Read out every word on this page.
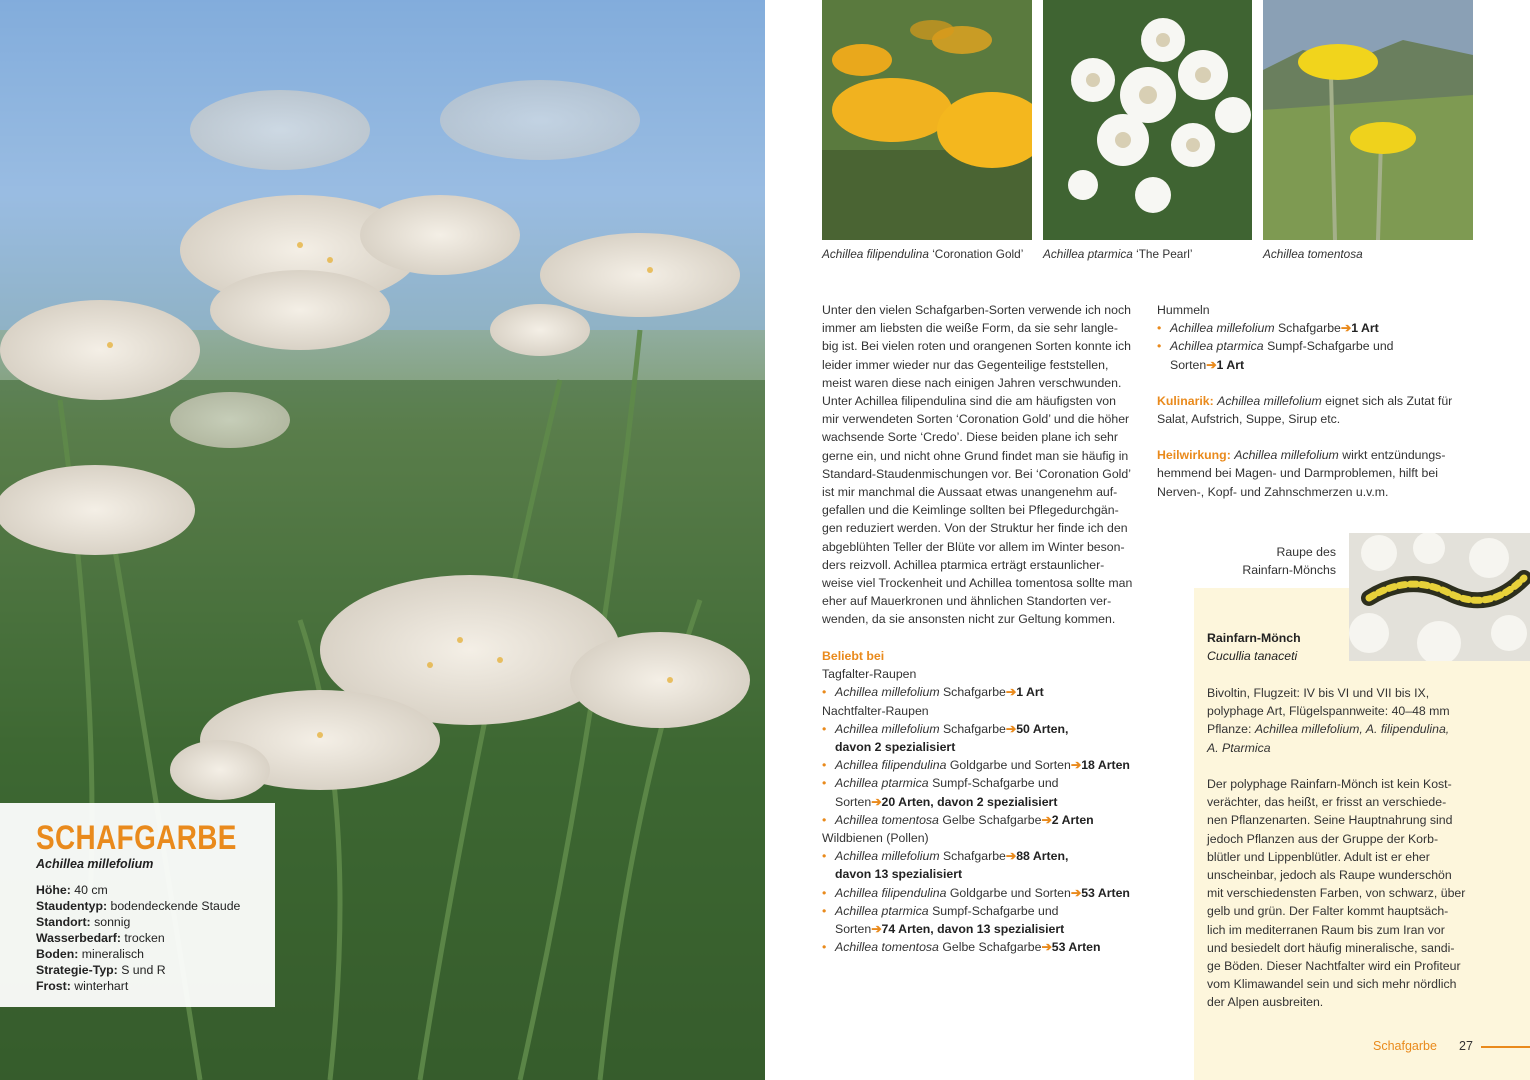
SCHAFGARBE
Achillea millefolium
Höhe: 40 cm
Staudentyp: bodendeckende Staude
Standort: sonnig
Wasserbedarf: trocken
Boden: mineralisch
Strategie-Typ: S und R
Frost: winterhart
Achillea filipendulina ‘Coronation Gold’ Achillea ptarmica ‘The Pearl’	Achillea tomentosa
Unter den vielen Schafgarben-Sorten verwende ich noch
immer am liebsten die weiße Form, da sie sehr langle-
big ist. Bei vielen roten und orangenen Sorten konnte ich
leider immer wieder nur das Gegenteilige feststellen,
meist waren diese nach einigen Jahren verschwunden.
Unter Achillea filipendulina sind die am häufigsten von
mir verwendeten Sorten ‘Coronation Gold’ und die höher
wachsende Sorte ‘Credo’. Diese beiden plane ich sehr
gerne ein, und nicht ohne Grund findet man sie häufig in
Standard-Staudenmischungen vor. Bei ‘Coronation Gold’
ist mir manchmal die Aussaat etwas unangenehm auf-
gefallen und die Keimlinge sollten bei Pflegedurchgän-
gen reduziert werden. Von der Struktur her finde ich den
abgeblühten Teller der Blüte vor allem im Winter beson-
ders reizvoll. Achillea ptarmica erträgt erstaunlicher-
weise viel Trockenheit und Achillea tomentosa sollte man
eher auf Mauerkronen und ähnlichen Standorten ver-
wenden, da sie ansonsten nicht zur Geltung kommen.
Beliebt bei
Tagfalter-Raupen
• Achillea millefolium Schafgarbe➔1 Art
Nachtfalter-Raupen
• Achillea millefolium Schafgarbe➔50 Arten,
davon 2 spezialisiert
• Achillea filipendulina Goldgarbe und Sorten➔18 Arten
• Achillea ptarmica Sumpf-Schafgarbe und
Sorten➔20 Arten, davon 2 spezialisiert
• Achillea tomentosa Gelbe Schafgarbe➔2 Arten
Wildbienen (Pollen)
• Achillea millefolium Schafgarbe➔88 Arten,
davon 13 spezialisiert
• Achillea filipendulina Goldgarbe und Sorten➔53 Arten
• Achillea ptarmica Sumpf-Schafgarbe und
Sorten➔74 Arten, davon 13 spezialisiert
• Achillea tomentosa Gelbe Schafgarbe➔53 Arten
Hummeln
• Achillea millefolium Schafgarbe➔1 Art
• Achillea ptarmica Sumpf-Schafgarbe und
Sorten➔1 Art
Kulinarik: Achillea millefolium eignet sich als Zutat für
Salat, Aufstrich, Suppe, Sirup etc.
Heilwirkung: Achillea millefolium wirkt entzündungs-
hemmend bei Magen- und Darmproblemen, hilft bei
Nerven-, Kopf- und Zahnschmerzen u.v.m.
Raupe des
Rainfarn-Mönchs
Rainfarn-Mönch
Cucullia tanaceti
Bivoltin, Flugzeit: IV bis VI und VII bis IX,
polyphage Art, Flügelspannweite: 40–48 mm
Pflanze: Achillea millefolium, A. filipendulina,
A. Ptarmica
Der polyphage Rainfarn-Mönch ist kein Kost-
verächter, das heißt, er frisst an verschiede-
nen Pflanzenarten. Seine Hauptnahrung sind
jedoch Pflanzen aus der Gruppe der Korb-
blütler und Lippenblütler. Adult ist er eher
unscheinbar, jedoch als Raupe wunderschön
mit verschiedensten Farben, von schwarz, über
gelb und grün. Der Falter kommt hauptsäch-
lich im mediterranen Raum bis zum Iran vor
und besiedelt dort häufig mineralische, sandi-
ge Böden. Dieser Nachtfalter wird ein Profiteur
vom Klimawandel sein und sich mehr nördlich
der Alpen ausbreiten.
Schafgarbe 27
